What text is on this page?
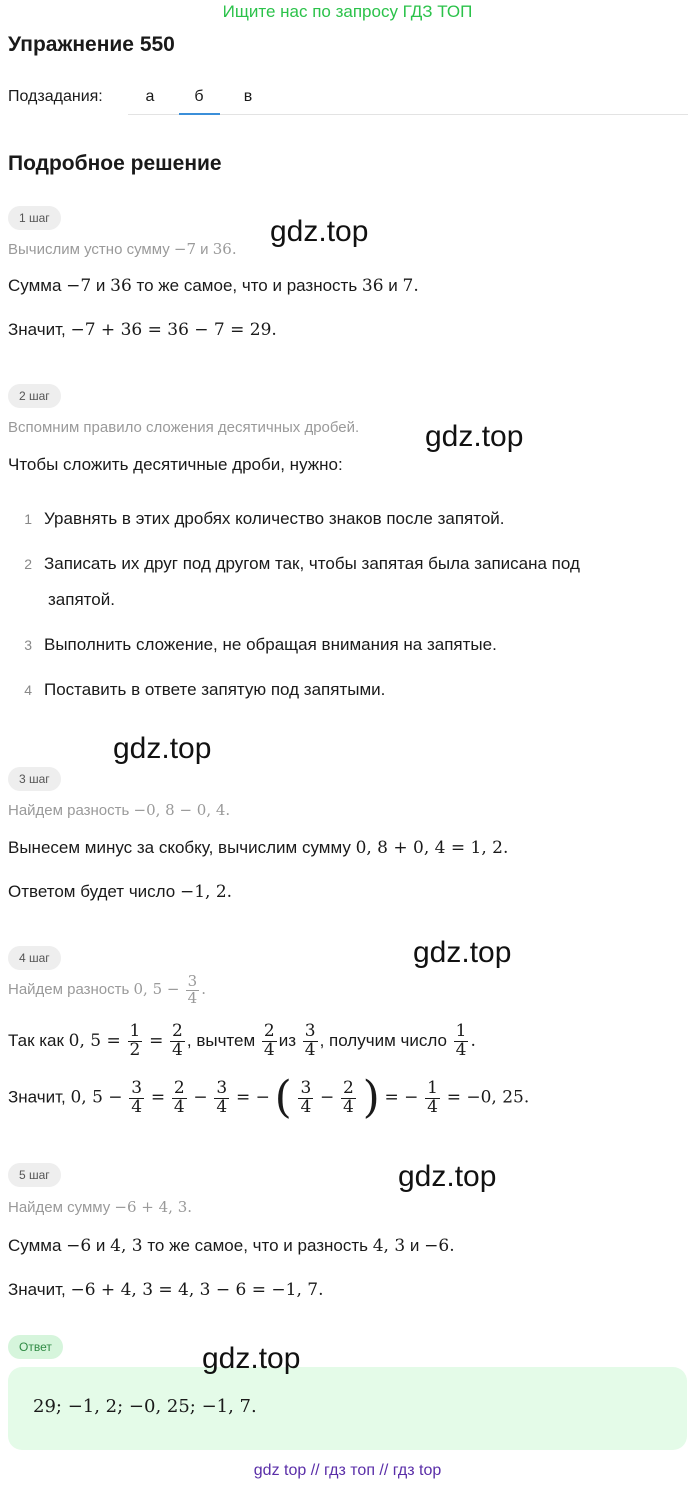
Ищите нас по запросу ГДЗ ТОП
Упражнение 550
Подзадания:	а	б	в
Подробное решение
1 шаг	gdz.top
Вычислим устно сумму −7 и 36.
Сумма −7 и 36 то же самое, что и разность 36 и 7.
Значит, −7 + 36 = 36 − 7 = 29.
2 шаг
Вспомним правило сложения десятичных дробей. gdz.top
Чтобы сложить десятичные дроби, нужно:
1 Уравнять в этих дробях количество знаков после запятой.
2 Записать их друг под другом так, чтобы запятая была записана под
запятой.
3 Выполнить сложение, не обращая внимания на запятые.
4 Поставить в ответе запятую под запятыми.
gdz.top
3 шаг
Найдем разность −0, 8 − 0, 4.
Вынесем минус за скобку, вычислим сумму 0, 8 + 0, 4 = 1, 2.
Ответом будет число −1, 2.
4 шаг	gdz.top
Найдем разность 0, $5 - \frac{3}{4}$ .
Так как 0, $5 = \frac{1}{2} = \frac{2}{4}$ , вычтем $\frac{2}{4}$ из $\frac{3}{4}$ , получим число $\frac{1}{4}$ .
Значит, 0, $5 - \frac{3}{4} = \frac{2}{4} - \frac{3}{4}$ = − ( $\frac{3}{4} - \frac{2}{4}$ ) = − $\frac{1}{4} = -0$, 25.
5 шаг	gdz.top
Найдем сумму −6 + 4, 3.
Сумма −6 и 4, 3 то же самое, что и разность 4, 3 и −6.
Значит, −6 + 4, 3 = 4, 3 − 6 = −1, 7.
Ответ
29; −1, 2; −0, 25; −1, 7.
gdz.top
gdz top // гдз топ // гдз top
